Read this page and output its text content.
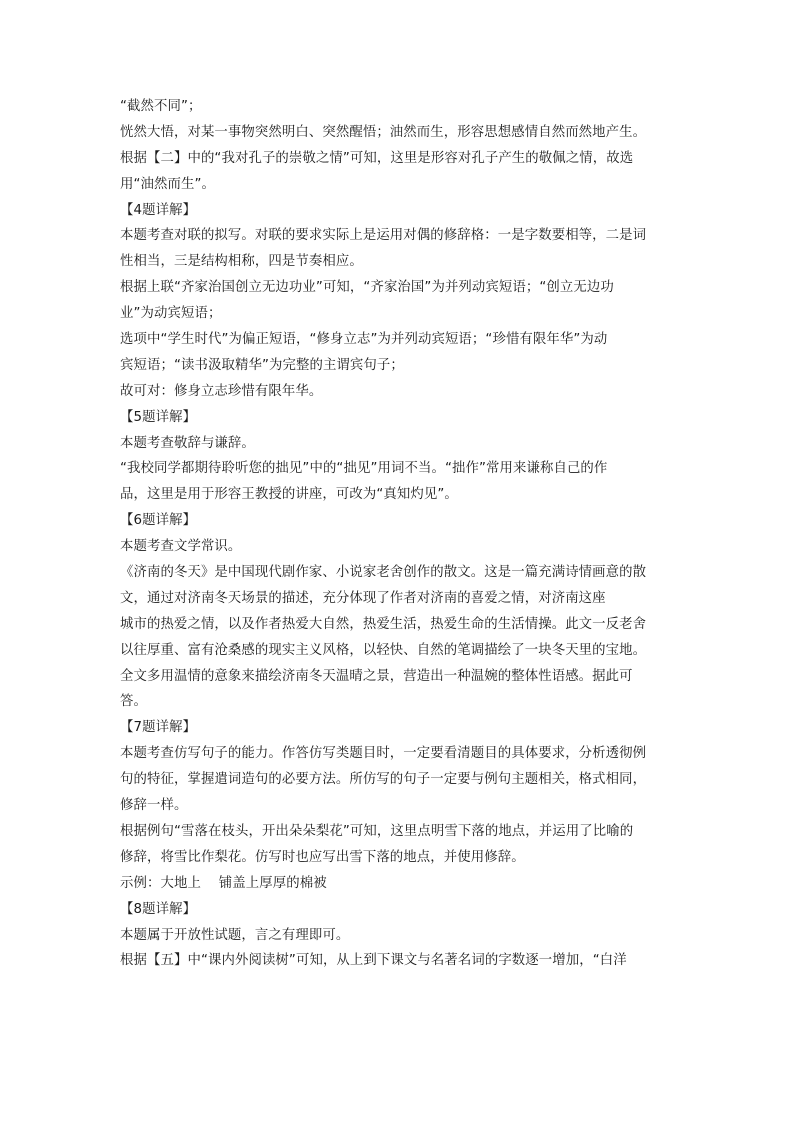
“截然不同”；
恍然大悟，对某一事物突然明白、突然醒悟；油然而生，形容思想感情自然而然地产生。
根据【二】中的“我对孔子的崇敬之情”可知，这里是形容对孔子产生的敬佩之情，故选
用“油然而生”。
【4题详解】
本题考查对联的拟写。对联的要求实际上是运用对偶的修辞格：一是字数要相等，二是词
性相当，三是结构相称，四是节奏相应。
根据上联“齐家治国创立无边功业”可知，“齐家治国”为并列动宾短语；“创立无边功
业”为动宾短语；
选项中“学生时代”为偏正短语，“修身立志”为并列动宾短语；“珍惜有限年华”为动
宾短语；“读书汲取精华”为完整的主谓宾句子；
故可对：修身立志珍惜有限年华。
【5题详解】
本题考查敬辞与谦辞。
“我校同学都期待聆听您的拙见”中的“拙见”用词不当。“拙作”常用来谦称自己的作
品，这里是用于形容王教授的讲座，可改为“真知灼见”。
【6题详解】
本题考查文学常识。
《济南的冬天》是中国现代剧作家、小说家老舍创作的散文。这是一篇充满诗情画意的散
文，通过对济南冬天场景的描述，充分体现了作者对济南的喜爱之情，对济南这座
城市的热爱之情，以及作者热爱大自然，热爱生活，热爱生命的生活情操。此文一反老舍
以往厚重、富有沧桑感的现实主义风格，以轻快、自然的笔调描绘了一块冬天里的宝地。
全文多用温情的意象来描绘济南冬天温晴之景，营造出一种温婉的整体性语感。据此可
答。
【7题详解】
本题考查仿写句子的能力。作答仿写类题目时，一定要看清题目的具体要求，分析透彻例
句的特征，掌握遣词造句的必要方法。所仿写的句子一定要与例句主题相关，格式相同，
修辞一样。
根据例句“雪落在枝头，开出朵朵梨花”可知，这里点明雪下落的地点，并运用了比喻的
修辞，将雪比作梨花。仿写时也应写出雪下落的地点，并使用修辞。
示例：大地上　 铺盖上厚厚的棉被
【8题详解】
本题属于开放性试题，言之有理即可。
根据【五】中“课内外阅读树”可知，从上到下课文与名著名词的字数逐一增加，“白洋
